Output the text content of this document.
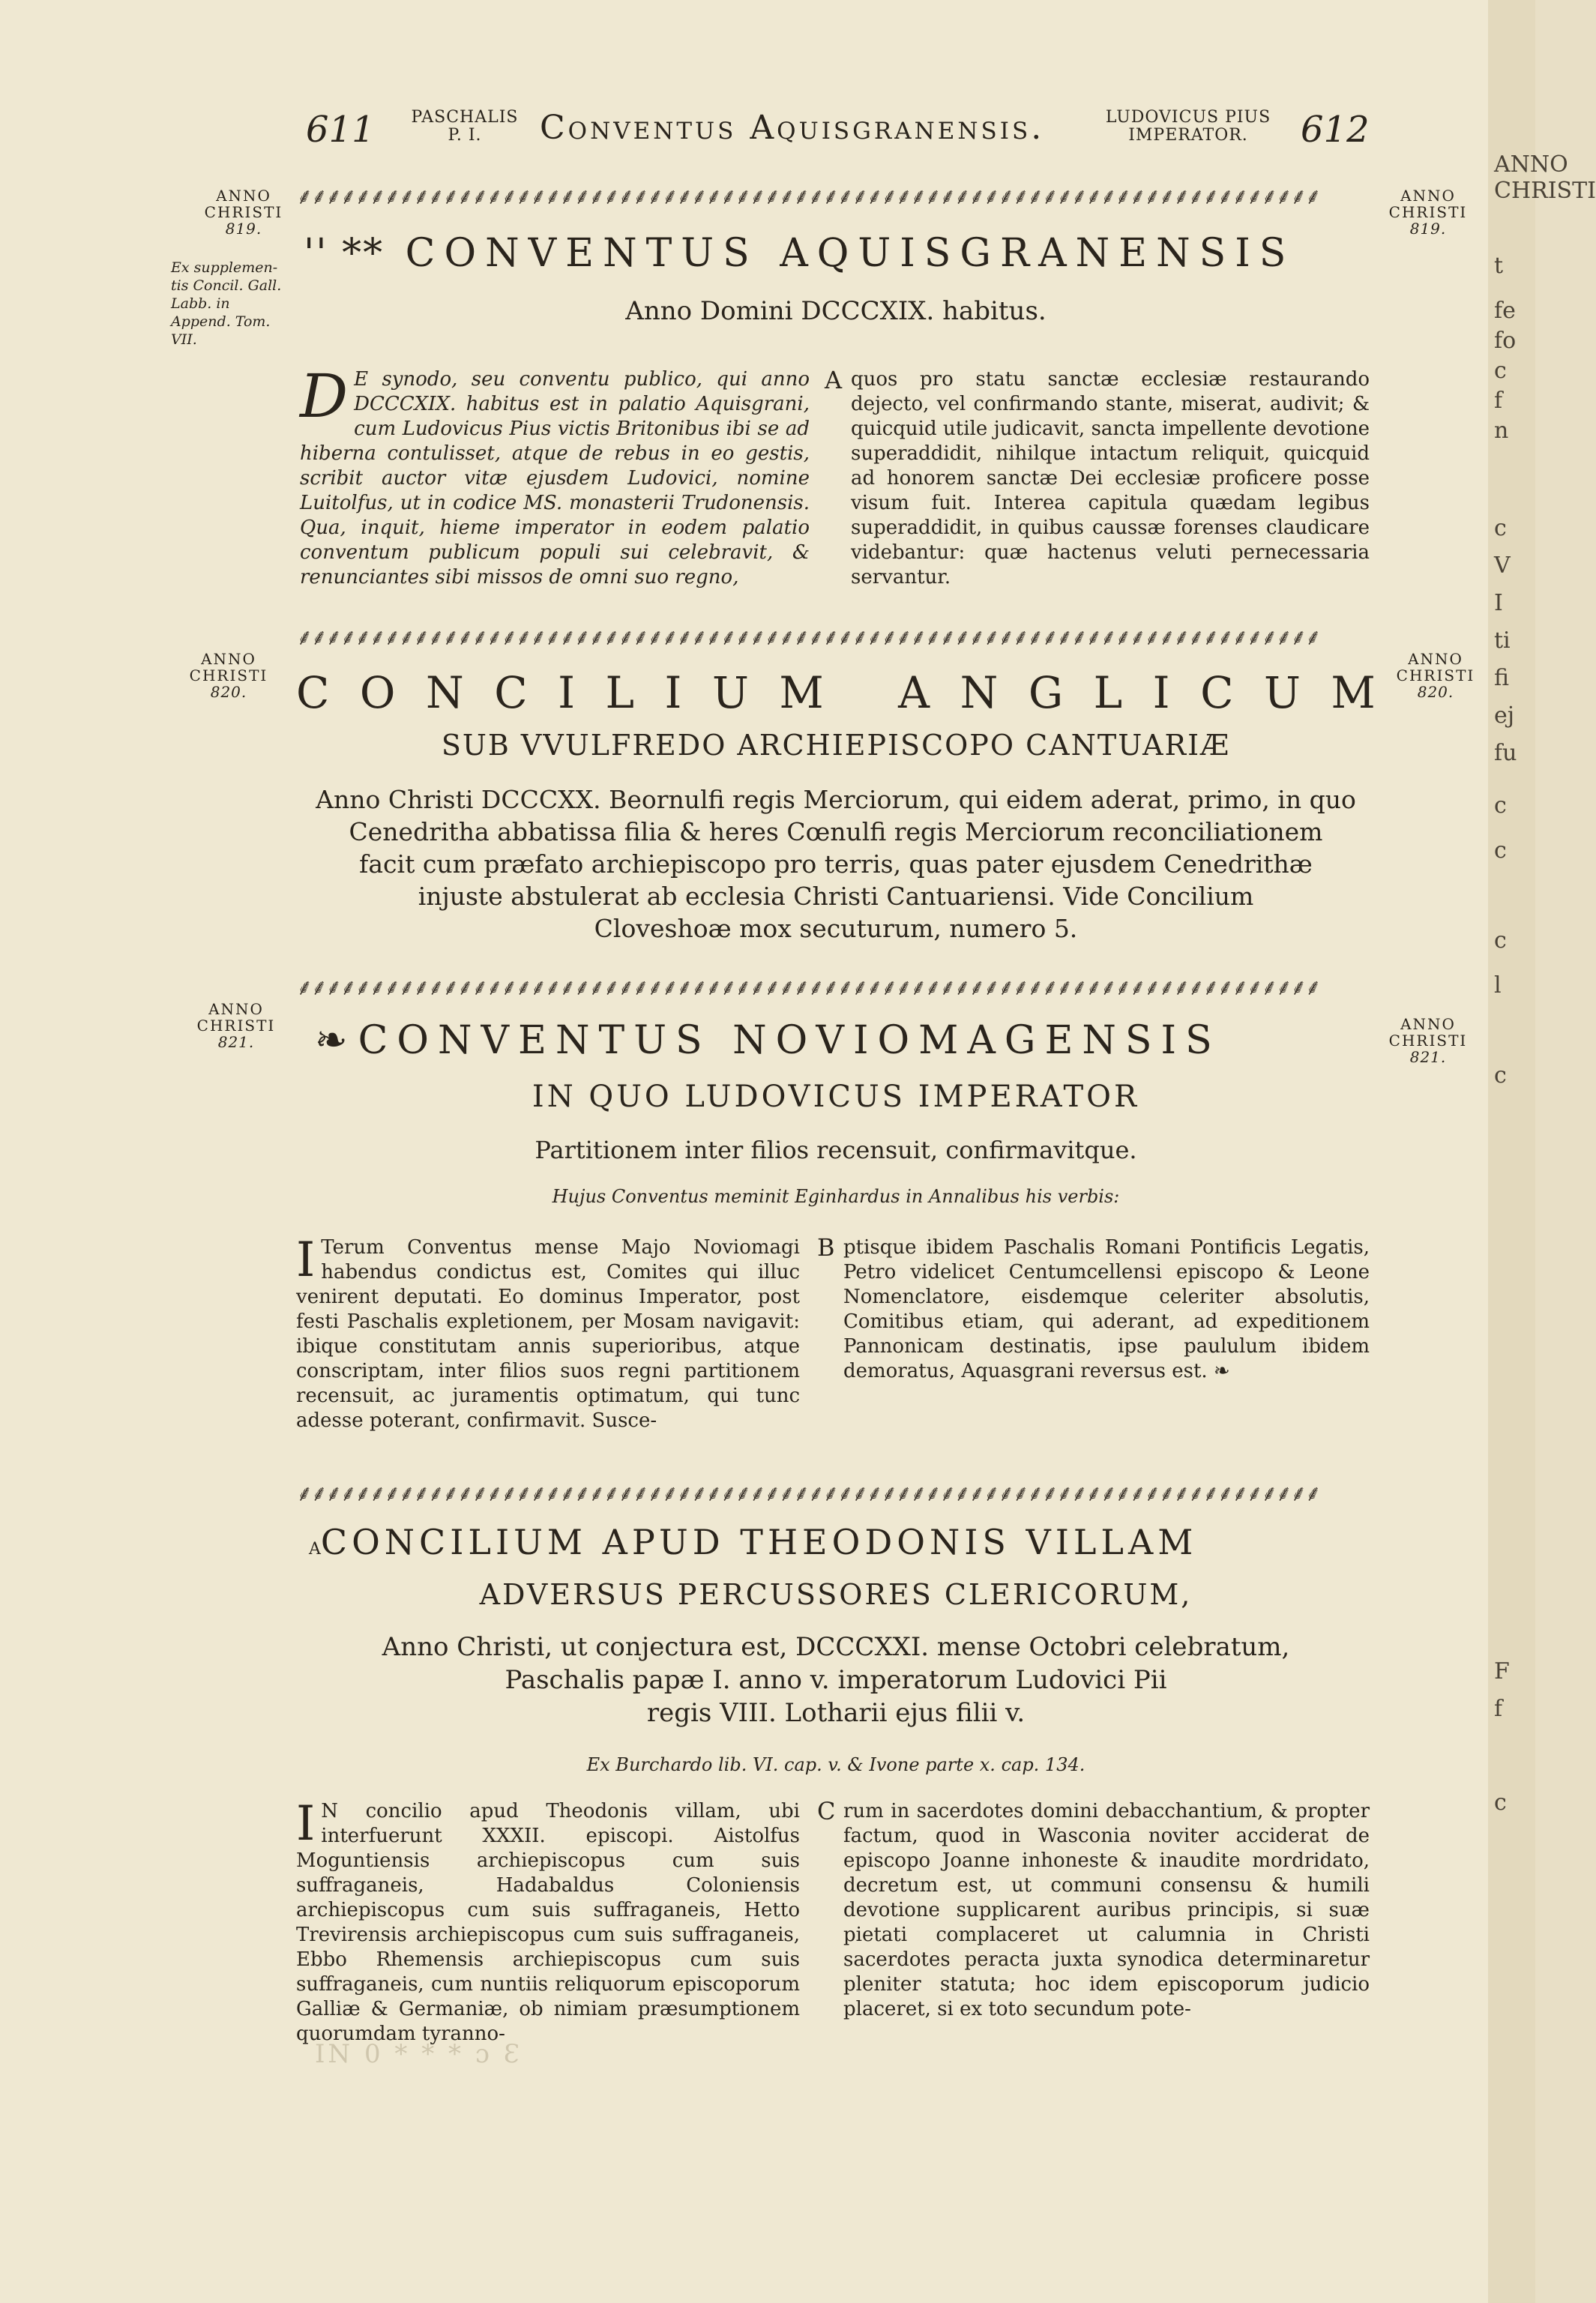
611	PASCHALIS
P. I.	Conventus Aquisgranensis.	LUDOVICUS PIUS
IMPERATOR.	612
⸙⸙⸙⸙⸙⸙⸙⸙⸙⸙⸙⸙⸙⸙⸙⸙⸙⸙⸙⸙⸙⸙⸙⸙⸙⸙⸙⸙⸙⸙⸙⸙⸙⸙⸙⸙⸙⸙⸙⸙⸙⸙⸙⸙⸙⸙⸙⸙⸙⸙⸙⸙⸙⸙⸙⸙⸙⸙⸙⸙⸙⸙⸙⸙⸙⸙⸙⸙⸙⸙
ANNO
CHRISTI
819.
ANNO
CHRISTI
819.
Ex supplemen-tis Concil. Gall. Labb. in Append. Tom. VII.
'' ** CONVENTUS AQUISGRANENSIS
Anno Domini DCCCXIX. habitus.

D E synodo, seu conventu publico, qui anno DCCCXIX. habitus est in palatio Aquisgrani, cum Ludovicus Pius victis Britonibus ibi se ad hiberna contulisset, atque de rebus in eo gestis, scribit auctor vitæ ejusdem Ludovici, nomine Luitolfus, ut in codice MS. monasterii Trudonensis. Qua, inquit, hieme imperator in eodem palatio conventum publicum populi sui celebravit, & renunciantes sibi missos de omni suo regno,

A quos pro statu sanctæ ecclesiæ restaurando dejecto, vel confirmando stante, miserat, audivit; & quicquid utile judicavit, sancta impellente devotione superaddidit, nihilque intactum reliquit, quicquid ad honorem sanctæ Dei ecclesiæ proficere posse visum fuit. Interea capitula quædam legibus superaddidit, in quibus caussæ forenses claudicare videbantur: quæ hactenus veluti pernecessaria servantur.

⸙⸙⸙⸙⸙⸙⸙⸙⸙⸙⸙⸙⸙⸙⸙⸙⸙⸙⸙⸙⸙⸙⸙⸙⸙⸙⸙⸙⸙⸙⸙⸙⸙⸙⸙⸙⸙⸙⸙⸙⸙⸙⸙⸙⸙⸙⸙⸙⸙⸙⸙⸙⸙⸙⸙⸙⸙⸙⸙⸙⸙⸙⸙⸙⸙⸙⸙⸙⸙⸙
ANNO
CHRISTI
820.
ANNO
CHRISTI
820.
C O N C I L I U M
A N G L I C U M
SUB VVULFREDO ARCHIEPISCOPO CANTUARIÆ
Anno Christi DCCCXX. Beornulfi regis Merciorum, qui eidem aderat, primo, in quo
Cenedritha abbatissa filia & heres Cœnulfi regis Merciorum reconciliationem
facit cum præfato archiepiscopo pro terris, quas pater ejusdem Cenedrithæ
injuste abstulerat ab ecclesia Christi Cantuariensi. Vide Concilium
Cloveshoæ mox secuturum, numero 5.
⸙⸙⸙⸙⸙⸙⸙⸙⸙⸙⸙⸙⸙⸙⸙⸙⸙⸙⸙⸙⸙⸙⸙⸙⸙⸙⸙⸙⸙⸙⸙⸙⸙⸙⸙⸙⸙⸙⸙⸙⸙⸙⸙⸙⸙⸙⸙⸙⸙⸙⸙⸙⸙⸙⸙⸙⸙⸙⸙⸙⸙⸙⸙⸙⸙⸙⸙⸙⸙⸙
ANNO
CHRISTI
821.
ANNO
CHRISTI
821.
❧ CONVENTUS NOVIOMAGENSIS
IN QUO LUDOVICUS IMPERATOR
Partitionem inter filios recensuit, confirmavitque.
Hujus Conventus meminit Eginhardus in Annalibus his verbis:

I Terum Conventus mense Majo Noviomagi habendus condictus est, Comites qui illuc venirent deputati. Eo dominus Imperator, post festi Paschalis expletionem, per Mosam navigavit: ibique constitutam annis superioribus, atque conscriptam, inter filios suos regni partitionem recensuit, ac juramentis optimatum, qui tunc adesse poterant, confirmavit. Susce-

B ptisque ibidem Paschalis Romani Pontificis Legatis, Petro videlicet Centumcellensi episcopo & Leone Nomenclatore, eisdemque celeriter absolutis, Comitibus etiam, qui aderant, ad expeditionem Pannonicam destinatis, ipse paululum ibidem demoratus, Aquasgrani reversus est. ❧

⸙⸙⸙⸙⸙⸙⸙⸙⸙⸙⸙⸙⸙⸙⸙⸙⸙⸙⸙⸙⸙⸙⸙⸙⸙⸙⸙⸙⸙⸙⸙⸙⸙⸙⸙⸙⸙⸙⸙⸙⸙⸙⸙⸙⸙⸙⸙⸙⸙⸙⸙⸙⸙⸙⸙⸙⸙⸙⸙⸙⸙⸙⸙⸙⸙⸙⸙⸙⸙⸙
aCONCILIUM APUD THEODONIS VILLAM
ADVERSUS PERCUSSORES CLERICORUM,
Anno Christi, ut conjectura est, DCCCXXI. mense Octobri celebratum,
Paschalis papæ I. anno v. imperatorum Ludovici Pii
regis VIII. Lotharii ejus filii v.
Ex Burchardo lib. VI. cap. v. & Ivone parte x. cap. 134.

I N concilio apud Theodonis villam, ubi interfuerunt XXXII. episcopi. Aistolfus Moguntiensis archiepiscopus cum suis suffraganeis, Hadabaldus Coloniensis archiepiscopus cum suis suffraganeis, Hetto Trevirensis archiepiscopus cum suis suffraganeis, Ebbo Rhemensis archiepiscopus cum suis suffraganeis, cum nuntiis reliquorum episcoporum Galliæ & Germaniæ, ob nimiam præsumptionem quorumdam tyranno-

C rum in sacerdotes domini debacchantium, & propter factum, quod in Wasconia noviter acciderat de episcopo Joanne inhoneste & inaudite mordridato, decretum est, ut communi consensu & humili devotione supplicarent auribus principis, si suæ pietati complaceret ut calumnia in Christi sacerdotes peracta juxta synodica determinaretur pleniter statuta; hoc idem episcoporum judicio placeret, si ex toto secundum pote-

IN 0 * * * ɔ Ɛ
ANNO
CHRISTI
t
fe
fo
c
f
n
c
V
I
ti
fi
ej
fu
c
c
c
l
c
F
f
c
